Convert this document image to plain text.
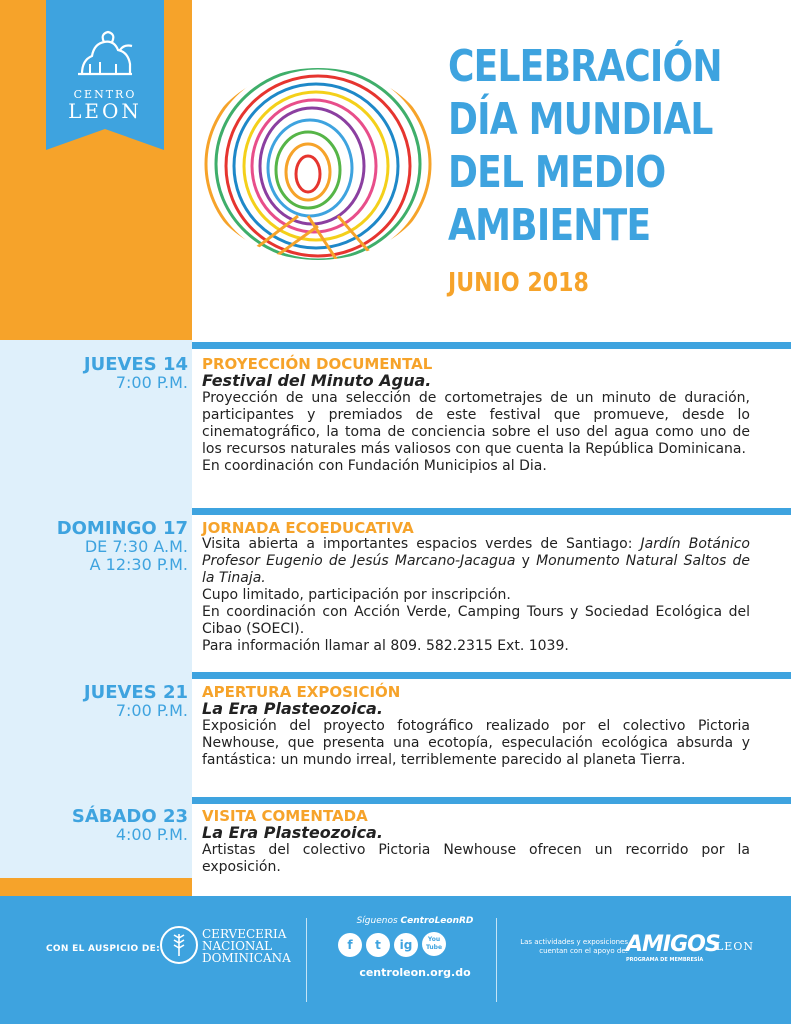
CENTRO
LEON
CELEBRACIÓN
DÍA MUNDIAL
DEL MEDIO
AMBIENTE
JUNIO 2018
JUEVES 14
7:00 P.M.
PROYECCIÓN DOCUMENTAL
Festival del Minuto Agua.
Proyección de una selección de cortometrajes de un minuto de duración, participantes y premiados de este festival que promueve, desde lo cinematográfico, la toma de conciencia sobre el uso del agua como uno de los recursos naturales más valiosos con que cuenta la República Dominicana.
En coordinación con Fundación Municipios al Dia.
DOMINGO 17
DE 7:30 A.M.
A 12:30 P.M.
JORNADA ECOEDUCATIVA
Visita abierta a importantes espacios verdes de Santiago: Jardín Botánico Profesor Eugenio de Jesús Marcano-Jacagua y Monumento Natural Saltos de la Tinaja.
Cupo limitado, participación por inscripción.
En coordinación con Acción Verde, Camping Tours y Sociedad Ecológica del Cibao (SOECI).
Para información llamar al 809. 582.2315 Ext. 1039.
JUEVES 21
7:00 P.M.
APERTURA EXPOSICIÓN
La Era Plasteozoica.
Exposición del proyecto fotográfico realizado por el colectivo Pictoria Newhouse, que presenta una ecotopía, especulación ecológica absurda y fantástica: un mundo irreal, terriblemente parecido al planeta Tierra.
SÁBADO 23
4:00 P.M.
VISITA COMENTADA
La Era Plasteozoica.
Artistas del colectivo Pictoria Newhouse ofrecen un recorrido por la exposición.
CON EL AUSPICIO DE:
CERVECERIA
NACIONAL
DOMINICANA
Síguenos CentroLeonRD
f t ig	You Tube
centroleon.org.do
Las actividades y exposiciones cuentan con el apoyo de:
AMIGOS
PROGRAMA DE MEMBRESÍA
LEON
